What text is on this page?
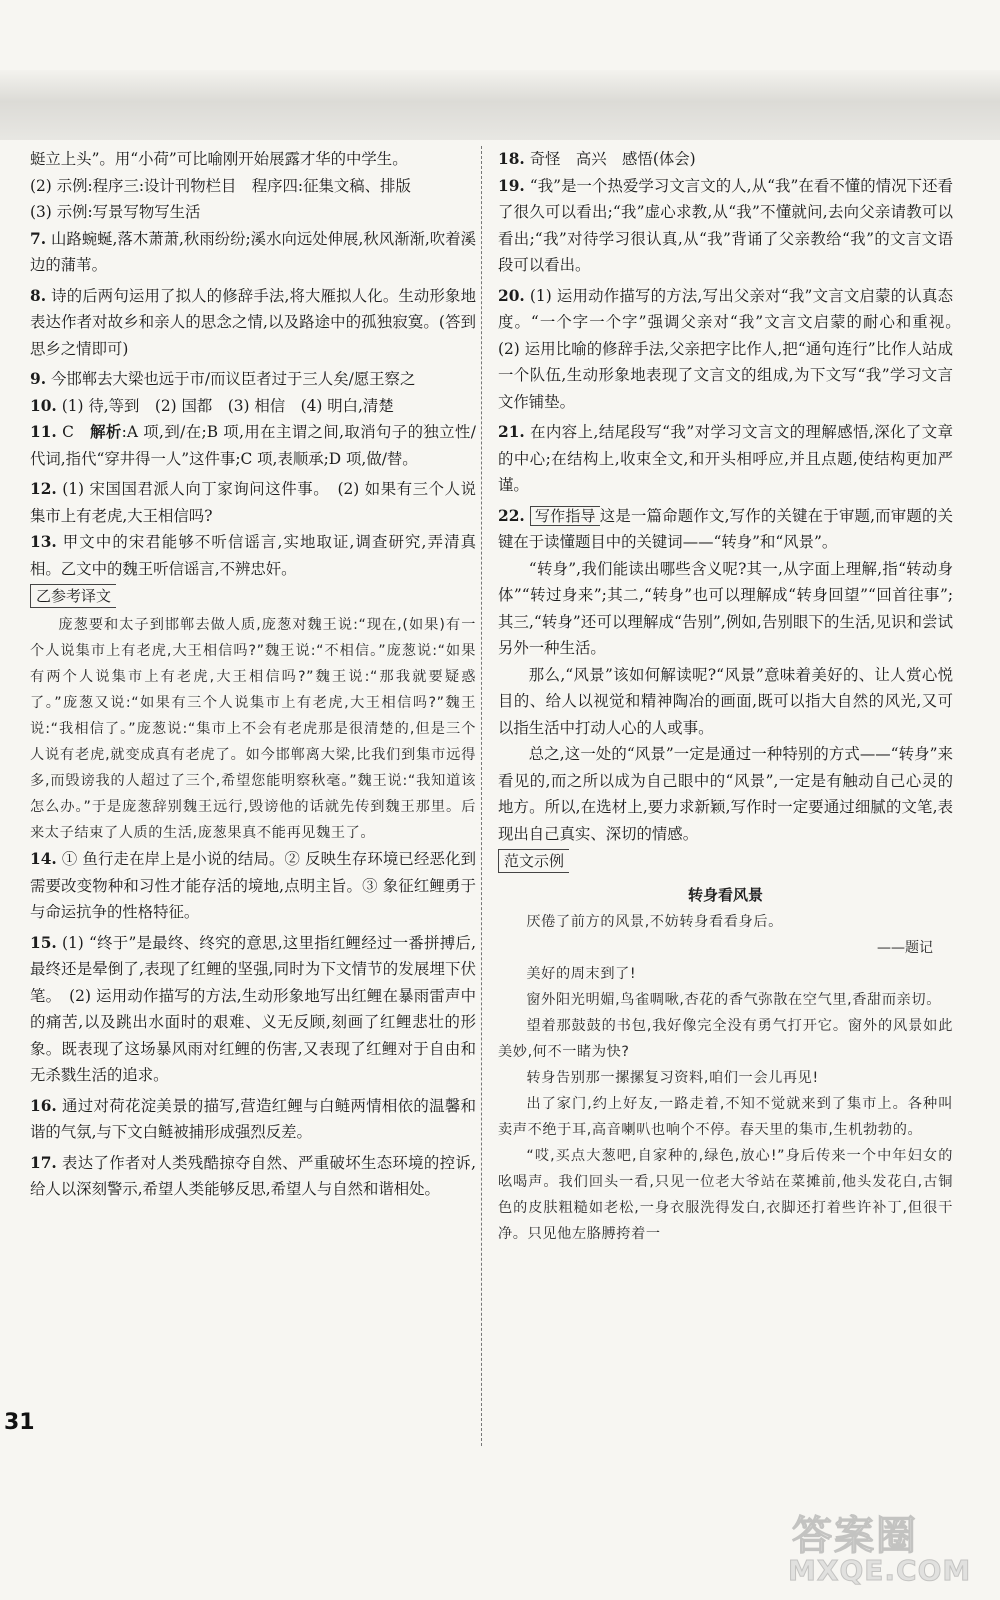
蜓立上头”。用“小荷”可比喻刚开始展露才华的中学生。

(2) 示例:程序三:设计刊物栏目　程序四:征集文稿、排版

(3) 示例:写景写物写生活

7. 山路蜿蜒,落木萧萧,秋雨纷纷;溪水向远处伸展,秋风渐渐,吹着溪边的蒲苇。

8. 诗的后两句运用了拟人的修辞手法,将大雁拟人化。生动形象地表达作者对故乡和亲人的思念之情,以及路途中的孤独寂寞。(答到思乡之情即可)

9. 今邯郸去大梁也远于市/而议臣者过于三人矣/愿王察之

10. (1) 待,等到　(2) 国都　(3) 相信　(4) 明白,清楚

11. C　 解析:A 项,到/在;B 项,用在主谓之间,取消句子的独立性/代词,指代“穿井得一人”这件事;C 项,表顺承;D 项,做/替。

12. (1) 宋国国君派人向丁家询问这件事。　(2) 如果有三个人说集市上有老虎,大王相信吗?

13. 甲文中的宋君能够不听信谣言,实地取证,调查研究,弄清真相。乙文中的魏王听信谣言,不辨忠奸。

乙参考译文

庞葱要和太子到邯郸去做人质,庞葱对魏王说:“现在,(如果)有一个人说集市上有老虎,大王相信吗?”魏王说:“不相信。”庞葱说:“如果有两个人说集市上有老虎,大王相信吗?”魏王说:“那我就要疑惑了。”庞葱又说:“如果有三个人说集市上有老虎,大王相信吗?”魏王说:“我相信了。”庞葱说:“集市上不会有老虎那是很清楚的,但是三个人说有老虎,就变成真有老虎了。如今邯郸离大梁,比我们到集市远得多,而毁谤我的人超过了三个,希望您能明察秋毫。”魏王说:“我知道该怎么办。”于是庞葱辞别魏王远行,毁谤他的话就先传到魏王那里。后来太子结束了人质的生活,庞葱果真不能再见魏王了。

14. ① 鱼行走在岸上是小说的结局。② 反映生存环境已经恶化到需要改变物种和习性才能存活的境地,点明主旨。③ 象征红鲤勇于与命运抗争的性格特征。

15. (1) “终于”是最终、终究的意思,这里指红鲤经过一番拼搏后,最终还是晕倒了,表现了红鲤的坚强,同时为下文情节的发展埋下伏笔。　(2) 运用动作描写的方法,生动形象地写出红鲤在暴雨雷声中的痛苦,以及跳出水面时的艰难、义无反顾,刻画了红鲤悲壮的形象。既表现了这场暴风雨对红鲤的伤害,又表现了红鲤对于自由和无杀戮生活的追求。

16. 通过对荷花淀美景的描写,营造红鲤与白鲢两情相依的温馨和谐的气氛,与下文白鲢被捕形成强烈反差。

17. 表达了作者对人类残酷掠夺自然、严重破坏生态环境的控诉,给人以深刻警示,希望人类能够反思,希望人与自然和谐相处。

18. 奇怪　高兴　感悟(体会)

19. “我”是一个热爱学习文言文的人,从“我”在看不懂的情况下还看了很久可以看出;“我”虚心求教,从“我”不懂就问,去向父亲请教可以看出;“我”对待学习很认真,从“我”背诵了父亲教给“我”的文言文语段可以看出。

20. (1) 运用动作描写的方法,写出父亲对“我”文言文启蒙的认真态度。“一个字一个字”强调父亲对“我”文言文启蒙的耐心和重视。　(2) 运用比喻的修辞手法,父亲把字比作人,把“通句连行”比作人站成一个队伍,生动形象地表现了文言文的组成,为下文写“我”学习文言文作铺垫。

21. 在内容上,结尾段写“我”对学习文言文的理解感悟,深化了文章的中心;在结构上,收束全文,和开头相呼应,并且点题,使结构更加严谨。

22. 写作指导 这是一篇命题作文,写作的关键在于审题,而审题的关键在于读懂题目中的关键词——“转身”和“风景”。

“转身”,我们能读出哪些含义呢?其一,从字面上理解,指“转动身体”“转过身来”;其二,“转身”也可以理解成“转身回望”“回首往事”;其三,“转身”还可以理解成“告别”,例如,告别眼下的生活,见识和尝试另外一种生活。

那么,“风景”该如何解读呢?“风景”意味着美好的、让人赏心悦目的、给人以视觉和精神陶冶的画面,既可以指大自然的风光,又可以指生活中打动人心的人或事。

总之,这一处的“风景”一定是通过一种特别的方式——“转身”来看见的,而之所以成为自己眼中的“风景”,一定是有触动自己心灵的地方。所以,在选材上,要力求新颖,写作时一定要通过细腻的文笔,表现出自己真实、深切的情感。

范文示例
转身看风景

厌倦了前方的风景,不妨转身看看身后。

——题记

美好的周末到了!

窗外阳光明媚,鸟雀啁啾,杏花的香气弥散在空气里,香甜而亲切。

望着那鼓鼓的书包,我好像完全没有勇气打开它。窗外的风景如此美妙,何不一睹为快?

转身告别那一摞摞复习资料,咱们一会儿再见!

出了家门,约上好友,一路走着,不知不觉就来到了集市上。各种叫卖声不绝于耳,高音喇叭也响个不停。春天里的集市,生机勃勃的。

“哎,买点大葱吧,自家种的,绿色,放心!”身后传来一个中年妇女的吆喝声。我们回头一看,只见一位老大爷站在菜摊前,他头发花白,古铜色的皮肤粗糙如老松,一身衣服洗得发白,衣脚还打着些许补丁,但很干净。只见他左胳膊挎着一

31
答案圈
MXQE.COM
